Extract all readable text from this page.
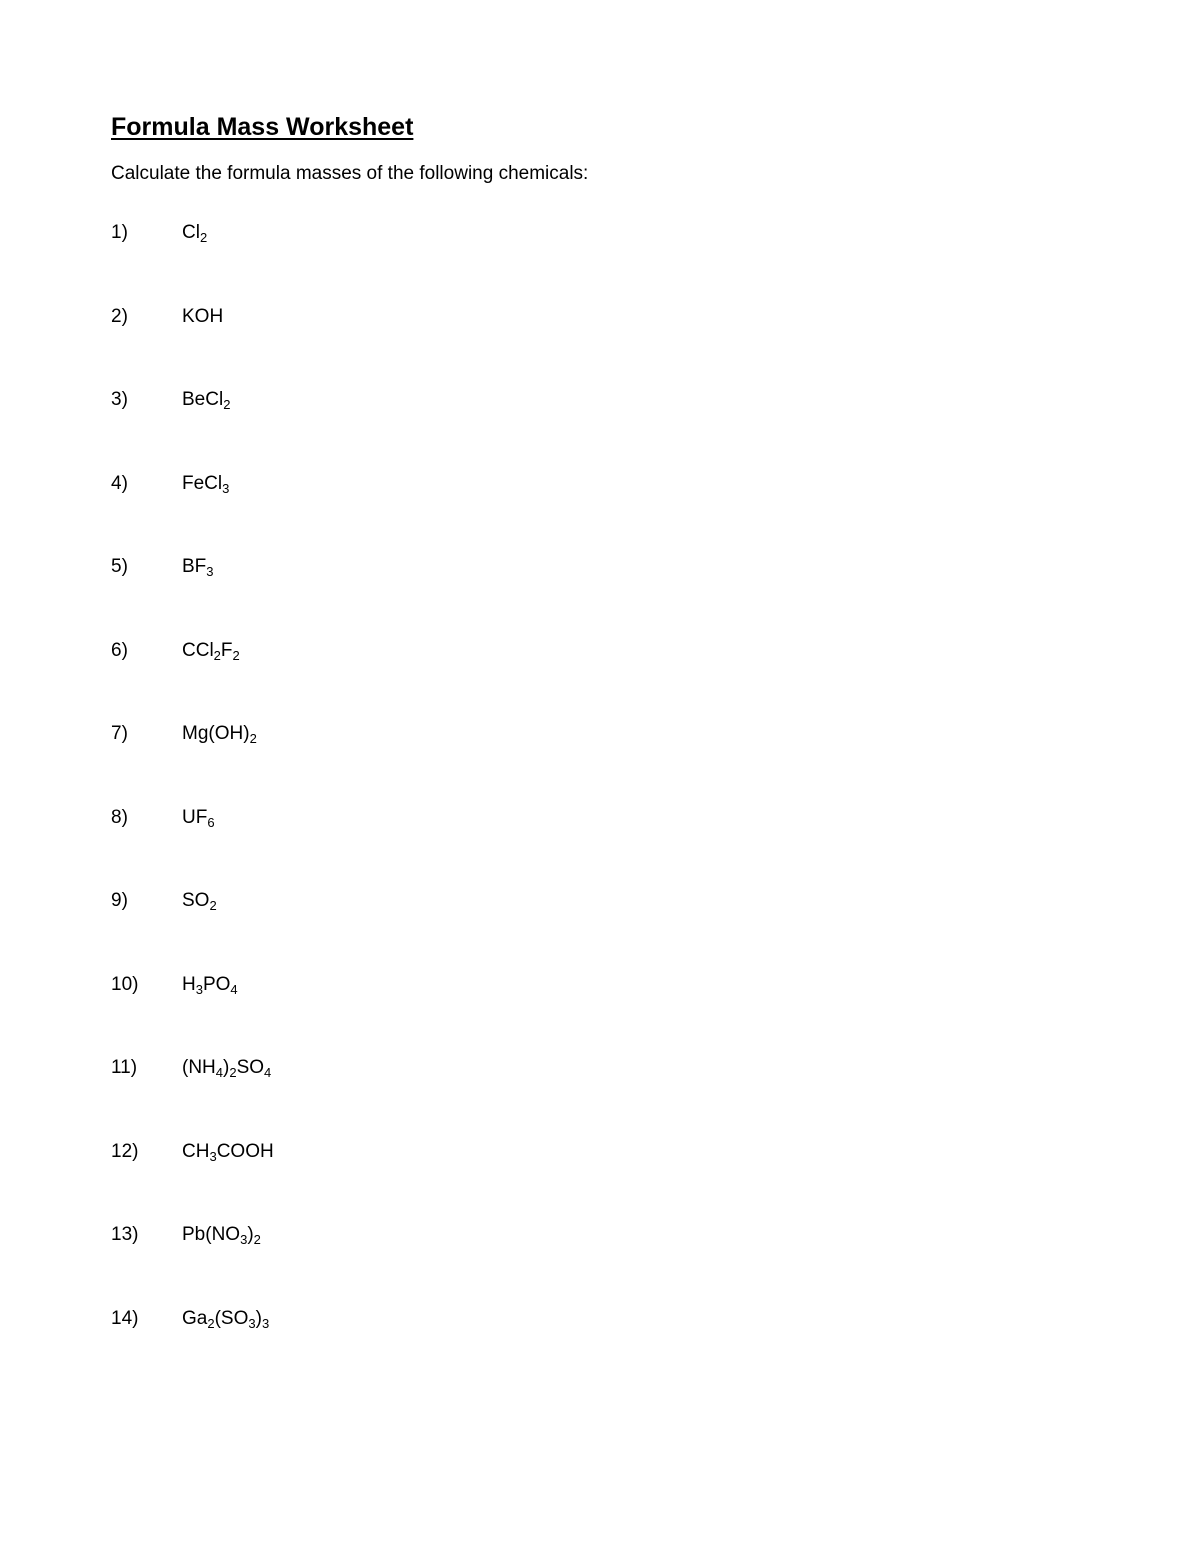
Formula Mass Worksheet

Calculate the formula masses of the following chemicals:

1)	$Cl_2$
2)	KOH
3)	BeCl$_2$
4)	FeCl$_3$
5)	$BF_3$
6)	$CCl_2F_2$
7)	$Mg(OH)_2$
8)	$UF_6$
9)	$SO_2$
10)	$H_3PO_4$
11)	$(NH_4)_2SO_4$
12)	$CH_3COOH$
13)	$Pb(NO_3)_2$
14)	$Ga_2(SO_3)_3$
